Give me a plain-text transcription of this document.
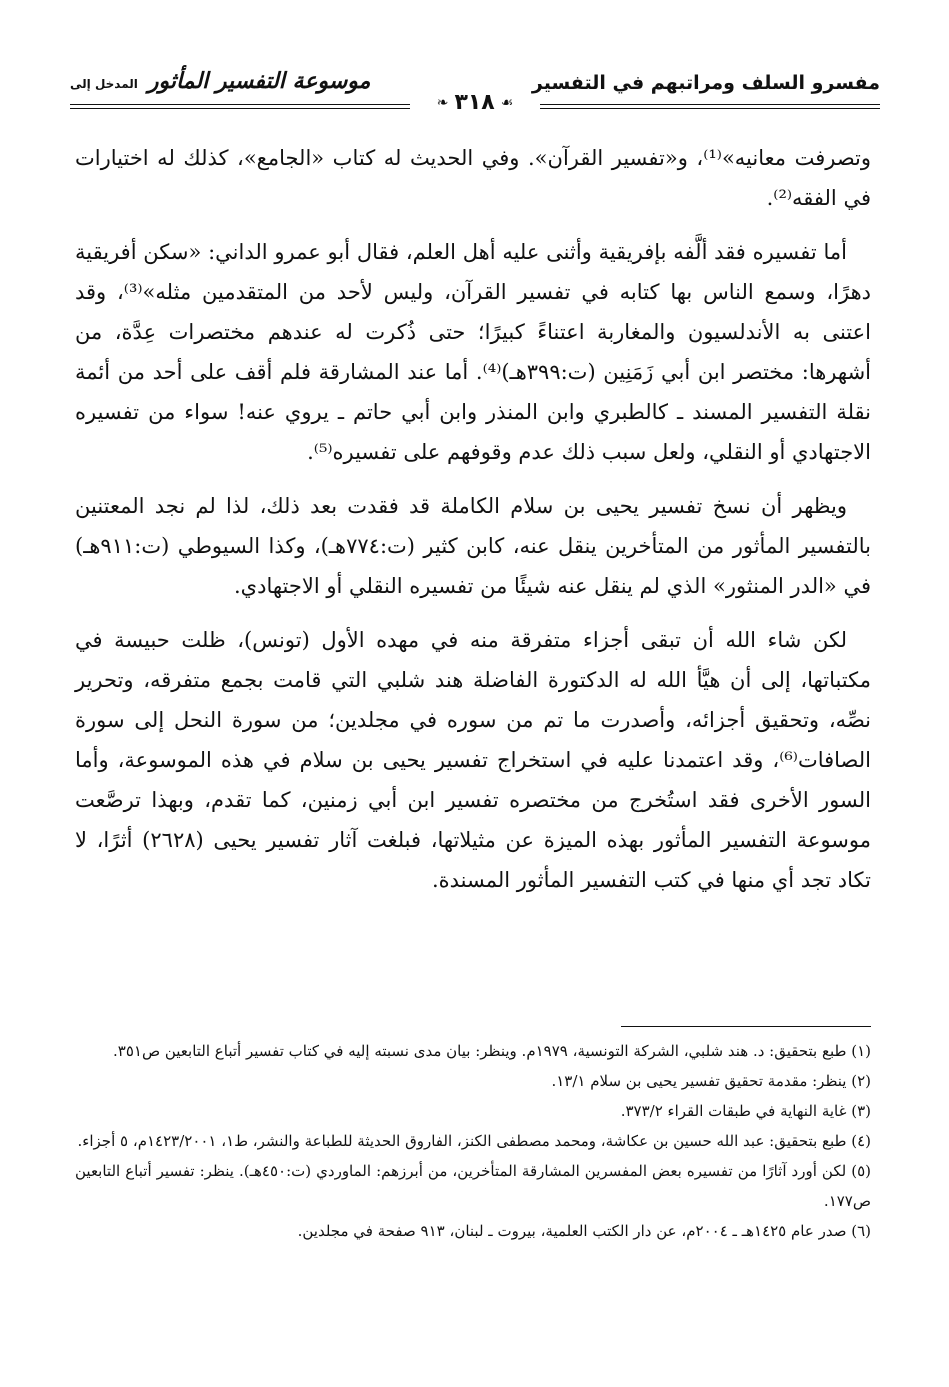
مفسرو السلف ومراتبهم في التفسير
المدخل إلى موسوعة التفسير المأثور
☙
٣١٨
❧

وتصرفت معانيه»⁽¹⁾، و«تفسير القرآن». وفي الحديث له كتاب «الجامع»، كذلك له اختيارات في الفقه⁽²⁾.

أما تفسيره فقد ألَّفه بإفريقية وأثنى عليه أهل العلم، فقال أبو عمرو الداني: «سكن أفريقية دهرًا، وسمع الناس بها كتابه في تفسير القرآن، وليس لأحد من المتقدمين مثله»⁽³⁾، وقد اعتنى به الأندلسيون والمغاربة اعتناءً كبيرًا؛ حتى ذُكرت له عندهم مختصرات عِدَّة، من أشهرها: مختصر ابن أبي زَمَنِين (ت:٣٩٩هـ)⁽⁴⁾. أما عند المشارقة فلم أقف على أحد من أئمة نقلة التفسير المسند ـ كالطبري وابن المنذر وابن أبي حاتم ـ يروي عنه! سواء من تفسيره الاجتهادي أو النقلي، ولعل سبب ذلك عدم وقوفهم على تفسيره⁽⁵⁾.

ويظهر أن نسخ تفسير يحيى بن سلام الكاملة قد فقدت بعد ذلك، لذا لم نجد المعتنين بالتفسير المأثور من المتأخرين ينقل عنه، كابن كثير (ت:٧٧٤هـ)، وكذا السيوطي (ت:٩١١هـ) في «الدر المنثور» الذي لم ينقل عنه شيئًا من تفسيره النقلي أو الاجتهادي.

لكن شاء الله أن تبقى أجزاء متفرقة منه في مهده الأول (تونس)، ظلت حبيسة في مكتباتها، إلى أن هيَّأ الله له الدكتورة الفاضلة هند شلبي التي قامت بجمع متفرقه، وتحرير نصِّه، وتحقيق أجزائه، وأصدرت ما تم من سوره في مجلدين؛ من سورة النحل إلى سورة الصافات⁽⁶⁾، وقد اعتمدنا عليه في استخراج تفسير يحيى بن سلام في هذه الموسوعة، وأما السور الأخرى فقد استُخرج من مختصره تفسير ابن أبي زمنين، كما تقدم، وبهذا ترصَّعت موسوعة التفسير المأثور بهذه الميزة عن مثيلاتها، فبلغت آثار تفسير يحيى (٢٦٢٨) أثرًا، لا تكاد تجد أي منها في كتب التفسير المأثور المسندة.

(١) طبع بتحقيق: د. هند شلبي، الشركة التونسية، ١٩٧٩م. وينظر: بيان مدى نسبته إليه في كتاب تفسير أتباع التابعين ص٣٥١.

(٢) ينظر: مقدمة تحقيق تفسير يحيى بن سلام ١٣/١.

(٣) غاية النهاية في طبقات القراء ٣٧٣/٢.

(٤) طبع بتحقيق: عبد الله حسين بن عكاشة، ومحمد مصطفى الكنز، الفاروق الحديثة للطباعة والنشر، ط١، ١٤٢٣/٢٠٠١م، ٥ أجزاء.

(٥) لكن أورد آثارًا من تفسيره بعض المفسرين المشارقة المتأخرين، من أبرزهم: الماوردي (ت:٤٥٠هـ). ينظر: تفسير أتباع التابعين ص١٧٧.

(٦) صدر عام ١٤٢٥هـ ـ ٢٠٠٤م، عن دار الكتب العلمية، بيروت ـ لبنان، ٩١٣ صفحة في مجلدين.
